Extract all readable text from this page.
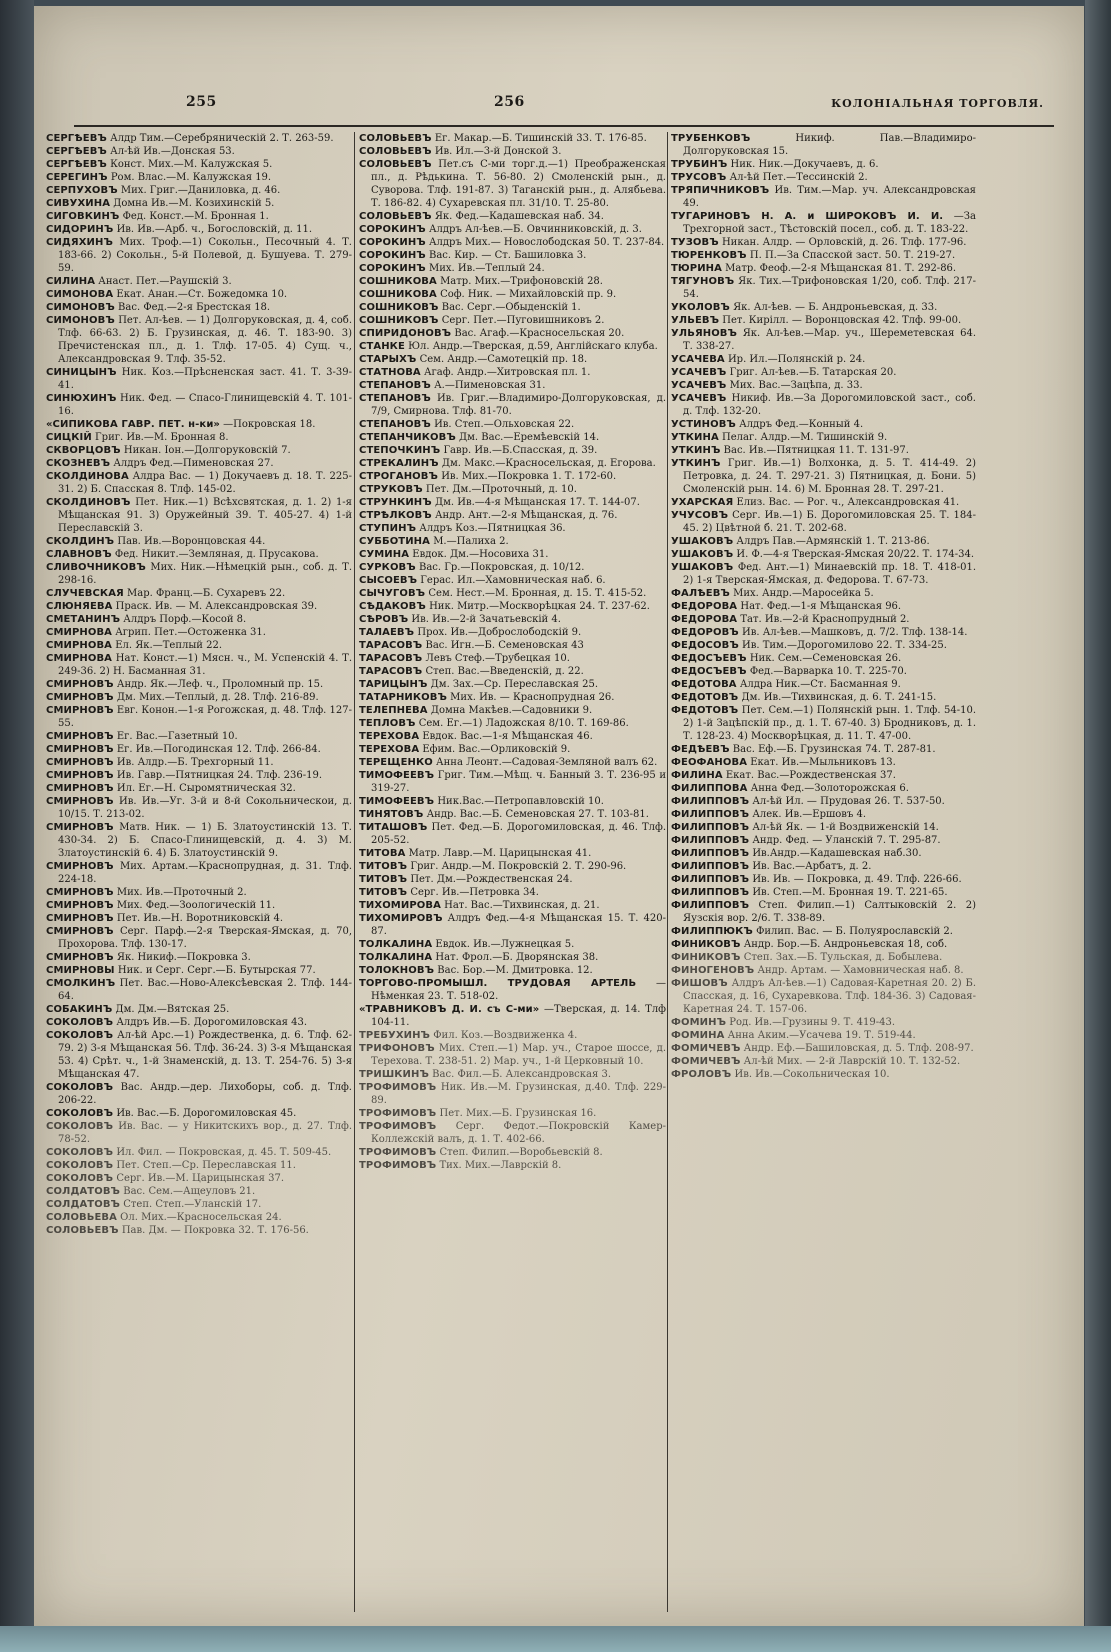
255	256	КОЛОНІАЛЬНАЯ ТОРГОВЛЯ.

СЕРГѢЕВЪ Алдр Тим.—Серебряническій 2. Т. 263-59.

СЕРГѢЕВЪ Ал-ѣй Ив.—Донская 53.

СЕРГѢЕВЪ Конст. Мих.—М. Калужская 5.

СЕРЕГИНЪ Ром. Влас.—М. Калужская 19.

СЕРПУХОВЪ Мих. Григ.—Даниловка, д. 46.

СИВУХИНА Домна Ив.—М. Козихинскій 5.

СИГОВКИНЪ Фед. Конст.—М. Бронная 1.

СИДОРИНЪ Ив. Ив.—Арб. ч., Богословскій, д. 11.

СИДЯХИНЪ Мих. Троф.—1) Сокольн., Песочный 4. Т. 183-66. 2) Сокольн., 5-й Полевой, д. Бушуева. Т. 279-59.

СИЛИНА Анаст. Пет.—Раушскій 3.

СИМОНОВА Екат. Анан.—Ст. Божедомка 10.

СИМОНОВЪ Вас. Фед.—2-я Брестская 18.

СИМОНОВЪ Пет. Ал-ѣев. — 1) Долгоруковская, д. 4, соб. Тлф. 66-63. 2) Б. Грузинская, д. 46. Т. 183-90. 3) Пречистенская пл., д. 1. Тлф. 17-05. 4) Сущ. ч., Александровская 9. Тлф. 35-52.

СИНИЦЫНЪ Ник. Коз.—Прѣсненская заст. 41. Т. 3-39-41.

СИНЮХИНЪ Ник. Фед. — Спасо-Глинищевскій 4. Т. 101-16.

«СИПИКОВА ГАВР. ПЕТ. н-ки» —Покровская 18.

СИЦКІЙ Григ. Ив.—М. Бронная 8.

СКВОРЦОВЪ Никан. Іон.—Долгоруковскій 7.

СКОЗНЕВЪ Алдръ Фед.—Пименовская 27.

СКОЛДИНОВА Алдра Вас. — 1) Докучаевъ д. 18. Т. 225-31. 2) Б. Спасская 8. Тлф. 145-02.

СКОЛДИНОВЪ Пет. Ник.—1) Всѣхсвятская, д. 1. 2) 1-я Мѣщанская 91. 3) Оружейный 39. Т. 405-27. 4) 1-й Переславскій 3.

СКОЛДИНЪ Пав. Ив.—Воронцовская 44.

СЛАВНОВЪ Фед. Никит.—Земляная, д. Прусакова.

СЛИВОЧНИКОВЪ Мих. Ник.—Нѣмецкій рын., соб. д. Т. 298-16.

СЛУЧЕВСКАЯ Мар. Франц.—Б. Сухаревъ 22.

СЛЮНЯЕВА Праск. Ив. — М. Александровская 39.

СМЕТАНИНЪ Алдръ Порф.—Косой 8.

СМИРНОВА Агрип. Пет.—Остоженка 31.

СМИРНОВА Ел. Як.—Теплый 22.

СМИРНОВА Нат. Конст.—1) Мясн. ч., М. Успенскій 4. Т. 249-36. 2) Н. Басманная 31.

СМИРНОВЪ Андр. Як.—Леф. ч., Проломный пр. 15.

СМИРНОВЪ Дм. Мих.—Теплый, д. 28. Тлф. 216-89.

СМИРНОВЪ Евг. Конон.—1-я Рогожская, д. 48. Тлф. 127-55.

СМИРНОВЪ Ег. Вас.—Газетный 10.

СМИРНОВЪ Ег. Ив.—Погодинская 12. Тлф. 266-84.

СМИРНОВЪ Ив. Алдр.—Б. Трехгорный 11.

СМИРНОВЪ Ив. Гавр.—Пятницкая 24. Тлф. 236-19.

СМИРНОВЪ Ил. Ег.—Н. Сыромятническая 32.

СМИРНОВЪ Ив. Ив.—Уг. 3-й и 8-й Сокольническои, д. 10/15. Т. 213-02.

СМИРНОВЪ Матв. Ник. — 1) Б. Златоустинскій 13. Т. 430-34. 2) Б. Спасо-Глинищевскій, д. 4. 3) М. Златоустинскій 6. 4) Б. Златоустинскій 9.

СМИРНОВЪ Мих. Артам.—Краснопрудная, д. 31. Тлф. 224-18.

СМИРНОВЪ Мих. Ив.—Проточный 2.

СМИРНОВЪ Мих. Фед.—Зоологическій 11.

СМИРНОВЪ Пет. Ив.—Н. Воротниковскій 4.

СМИРНОВЪ Серг. Парф.—2-я Тверская-Ямская, д. 70, Прохорова. Тлф. 130-17.

СМИРНОВЪ Як. Никиф.—Покровка 3.

СМИРНОВЫ Ник. и Серг. Серг.—Б. Бутырская 77.

СМОЛКИНЪ Пет. Вас.—Ново-Алексѣевская 2. Тлф. 144-64.

СОБАКИНЪ Дм. Дм.—Вятская 25.

СОКОЛОВЪ Алдръ Ив.—Б. Дорогомиловская 43.

СОКОЛОВЪ Ал-ѣй Арс.—1) Рождественка, д. 6. Тлф. 62-79. 2) 3-я Мѣщанская 56. Тлф. 36-24. 3) 3-я Мѣщанская 53. 4) Срѣт. ч., 1-й Знаменскій, д. 13. Т. 254-76. 5) 3-я Мѣщанская 47.

СОКОЛОВЪ Вас. Андр.—дер. Лихоборы, соб. д. Тлф. 206-22.

СОКОЛОВЪ Ив. Вас.—Б. Дорогомиловская 45.

СОКОЛОВЪ Ив. Вас. — у Никитскихъ вор., д. 27. Тлф. 78-52.

СОКОЛОВЪ Ил. Фил. — Покровская, д. 45. Т. 509-45.

СОКОЛОВЪ Пет. Степ.—Ср. Переславская 11.

СОКОЛОВЪ Серг. Ив.—М. Царицынская 37.

СОЛДАТОВЪ Вас. Сем.—Ащеуловъ 21.

СОЛДАТОВЪ Степ. Степ.—Уланскій 17.

СОЛОВЬЕВА Ол. Мих.—Красносельская 24.

СОЛОВЬЕВЪ Пав. Дм. — Покровка 32. Т. 176-56.

СОЛОВЬЕВЪ Ег. Макар.—Б. Тишинскій 33. Т. 176-85.

СОЛОВЬЕВЪ Ив. Ил.—3-й Донской 3.

СОЛОВЬЕВЪ Пет.съ С-ми торг.д.—1) Преображенская пл., д. Рѣдькина. Т. 56-80. 2) Смоленскій рын., д. Суворова. Тлф. 191-87. 3) Таганскій рын., д. Алябьева. Т. 186-82. 4) Сухаревская пл. 31/10. Т. 25-80.

СОЛОВЬЕВЪ Як. Фед.—Кадашевская наб. 34.

СОРОКИНЪ Алдръ Ал-ѣев.—Б. Овчинниковскій, д. 3.

СОРОКИНЪ Алдръ Мих.— Новослободская 50. Т. 237-84.

СОРОКИНЪ Вас. Кир. — Ст. Башиловка 3.

СОРОКИНЪ Мих. Ив.—Теплый 24.

СОШНИКОВА Матр. Мих.—Трифоновскій 28.

СОШНИКОВА Соф. Ник. — Михайловскій пр. 9.

СОШНИКОВЪ Вас. Серг.—Обыденскій 1.

СОШНИКОВЪ Серг. Пет.—Пуговишниковъ 2.

СПИРИДОНОВЪ Вас. Агаф.—Красносельская 20.

СТАНКЕ Юл. Андр.—Тверская, д.59, Англійскаго клуба.

СТАРЫХЪ Сем. Андр.—Самотецкій пр. 18.

СТАТНОВА Агаф. Андр.—Хитровская пл. 1.

СТЕПАНОВЪ А.—Пименовская 31.

СТЕПАНОВЪ Ив. Григ.—Владимиро-Долгоруковская, д. 7/9, Смирнова. Тлф. 81-70.

СТЕПАНОВЪ Ив. Степ.—Ольховская 22.

СТЕПАНЧИКОВЪ Дм. Вас.—Еремѣевскій 14.

СТЕПОЧКИНЪ Гавр. Ив.—Б.Спасская, д. 39.

СТРЕКАЛИНЪ Дм. Макс.—Красносельская, д. Егорова.

СТРОГАНОВЪ Ив. Мих.—Покровка 1. Т. 172-60.

СТРУКОВЪ Пет. Дм.—Проточный, д. 10.

СТРУНКИНЪ Дм. Ив.—4-я Мѣщанская 17. Т. 144-07.

СТРѢЛКОВЪ Андр. Ант.—2-я Мѣщанская, д. 76.

СТУПИНЪ Алдръ Коз.—Пятницкая 36.

СУББОТИНА М.—Палиха 2.

СУМИНА Евдок. Дм.—Носовиха 31.

СУРКОВЪ Вас. Гр.—Покровская, д. 10/12.

СЫСОЕВЪ Герас. Ил.—Хамовническая наб. 6.

СЫЧУГОВЪ Сем. Нест.—М. Бронная, д. 15. Т. 415-52.

СѢДАКОВЪ Ник. Митр.—Москворѣцкая 24. Т. 237-62.

СѢРОВЪ Ив. Ив.—2-й Зачатьевскій 4.

ТАЛАЕВЪ Прох. Ив.—Доброслободскій 9.

ТАРАСОВЪ Вас. Игн.—Б. Семеновская 43

ТАРАСОВЪ Левъ Стеф.—Трубецкая 10.

ТАРАСОВЪ Степ. Вас.—Введенскій, д. 22.

ТАРИЦЫНЪ Дм. Зах.—Ср. Переславская 25.

ТАТАРНИКОВЪ Мих. Ив. — Краснопрудная 26.

ТЕЛЕПНЕВА Домна Макѣев.—Садовники 9.

ТЕПЛОВЪ Сем. Ег.—1) Ладожская 8/10. Т. 169-86.

ТЕРЕХОВА Евдок. Вас.—1-я Мѣщанская 46.

ТЕРЕХОВА Ефим. Вас.—Орликовскій 9.

ТЕРЕЩЕНКО Анна Леонт.—Садовая-Земляной валъ 62.

ТИМОФЕЕВЪ Григ. Тим.—Мѣщ. ч. Банный 3. Т. 236-95 и 319-27.

ТИМОФЕЕВЪ Ник.Вас.—Петропавловскій 10.

ТИНЯТОВЪ Андр. Вас.—Б. Семеновская 27. Т. 103-81.

ТИТАШОВЪ Пет. Фед.—Б. Дорогомиловская, д. 46. Тлф. 205-52.

ТИТОВА Матр. Лавр.—М. Царицынская 41.

ТИТОВЪ Григ. Андр.—М. Покровскій 2. Т. 290-96.

ТИТОВЪ Пет. Дм.—Рождественская 24.

ТИТОВЪ Серг. Ив.—Петровка 34.

ТИХОМИРОВА Нат. Вас.—Тихвинская, д. 21.

ТИХОМИРОВЪ Алдръ Фед.—4-я Мѣщанская 15. Т. 420-87.

ТОЛКАЛИНА Евдок. Ив.—Лужнецкая 5.

ТОЛКАЛИНА Нат. Фрол.—Б. Дворянская 38.

ТОЛОКНОВЪ Вас. Бор.—М. Дмитровка. 12.

ТОРГОВО-ПРОМЫШЛ. ТРУДОВАЯ АРТЕЛЬ —Нѣменкая 23. Т. 518-02.

«ТРАВНИКОВЪ Д. И. съ С-ми» —Тверская, д. 14. Тлф 104-11.

ТРЕБУХИНЪ Фил. Коз.—Воздвиженка 4.

ТРИФОНОВЪ Мих. Степ.—1) Мар. уч., Старое шоссе, д. Терехова. Т. 238-51. 2) Мар. уч., 1-й Церковный 10.

ТРИШКИНЪ Вас. Фил.—Б. Александровская 3.

ТРОФИМОВЪ Ник. Ив.—М. Грузинская, д.40. Тлф. 229-89.

ТРОФИМОВЪ Пет. Мих.—Б. Грузинская 16.

ТРОФИМОВЪ Серг. Федот.—Покровскій Камер-Коллежскій валъ, д. 1. Т. 402-66.

ТРОФИМОВЪ Степ. Филип.—Воробьевскій 8.

ТРОФИМОВЪ Тих. Мих.—Лаврскій 8.

ТРУБЕНКОВЪ	Никиф. Пав.—Владимиро-Долгоруковская 15.

ТРУБИНЪ Ник. Ник.—Докучаевъ, д. 6.

ТРУСОВЪ Ал-ѣй Пет.—Тессинскій 2.

ТРЯПИЧНИКОВЪ Ив. Тим.—Мар. уч. Александровская 49.

ТУГАРИНОВЪ Н. А. и ШИРОКОВЪ И. И. —За Трехгорной заст., Тѣстовскій посел., соб. д. Т. 183-22.

ТУЗОВЪ Никан. Алдр. — Орловскій, д. 26. Тлф. 177-96.

ТЮРЕНКОВЪ П. П.—За Спасской заст. 50. Т. 219-27.

ТЮРИНА Матр. Феоф.—2-я Мѣщанская 81. Т. 292-86.

ТЯГУНОВЪ Як. Тих.—Трифоновская 1/20, соб. Тлф. 217-54.

УКОЛОВЪ Як. Ал-ѣев. — Б. Андроньевская, д. 33.

УЛЬЕВЪ Пет. Кирілл. — Воронцовская 42. Тлф. 99-00.

УЛЬЯНОВЪ Як. Ал-ѣев.—Мар. уч., Шереметевская 64. Т. 338-27.

УСАЧЕВА Ир. Ил.—Полянскій р. 24.

УСАЧЕВЪ Григ. Ал-ѣев.—Б. Татарская 20.

УСАЧЕВЪ Мих. Вас.—Зацѣпа, д. 33.

УСАЧЕВЪ Никиф. Ив.—За Дорогомиловской заст., соб. д. Тлф. 132-20.

УСТИНОВЪ Алдръ Фед.—Конный 4.

УТКИНА Пелаг. Алдр.—М. Тишинскій 9.

УТКИНЪ Вас. Ив.—Пятницкая 11. Т. 131-97.

УТКИНЪ Григ. Ив.—1) Волхонка, д. 5. Т. 414-49. 2) Петровка, д. 24. Т. 297-21. 3) Пятницкая, д. Бони. 5) Смоленскій рын. 14. 6) М. Бронная 28. Т. 297-21.

УХАРСКАЯ Елиз. Вас. — Рог. ч., Александровская 41.

УЧУСОВЪ Серг. Ив.—1) Б. Дорогомиловская 25. Т. 184-45. 2) Цвѣтной б. 21. Т. 202-68.

УШАКОВЪ Алдръ Пав.—Армянскій 1. Т. 213-86.

УШАКОВЪ И. Ф.—4-я Тверская-Ямская 20/22. Т. 174-34.

УШАКОВЪ Фед. Ант.—1) Минаевскій пр. 18. Т. 418-01. 2) 1-я Тверская-Ямская, д. Федорова. Т. 67-73.

ФАЛѢЕВЪ Мих. Андр.—Маросейка 5.

ФЕДОРОВА Нат. Фед.—1-я Мѣщанская 96.

ФЕДОРОВА Тат. Ив.—2-й Краснопрудный 2.

ФЕДОРОВЪ Ив. Ал-ѣев.—Машковъ, д. 7/2. Тлф. 138-14.

ФЕДОСОВЪ Ив. Тим.—Дорогомилово 22. Т. 334-25.

ФЕДОСЪЕВЪ Ник. Сем.—Семеновская 26.

ФЕДОСЪЕВЪ Фед.—Варварка 10. Т. 225-70.

ФЕДОТОВА Алдра Ник.—Ст. Басманная 9.

ФЕДОТОВЪ Дм. Ив.—Тихвинская, д. 6. Т. 241-15.

ФЕДОТОВЪ Пет. Сем.—1) Полянскій рын. 1. Тлф. 54-10. 2) 1-й Зацѣпскій пр., д. 1. Т. 67-40. 3) Бродниковъ, д. 1. Т. 128-23. 4) Москворѣцкая, д. 11. Т. 47-00.

ФЕДѢЕВЪ Вас. Еф.—Б. Грузинская 74. Т. 287-81.

ФЕОФАНОВА Екат. Ив.—Мыльниковъ 13.

ФИЛИНА Екат. Вас.—Рождественская 37.

ФИЛИППОВА Анна Фед.—Золоторожская 6.

ФИЛИППОВЪ Ал-ѣй Ил. — Прудовая 26. Т. 537-50.

ФИЛИППОВЪ Алек. Ив.—Ершовъ 4.

ФИЛИППОВЪ Ал-ѣй Як. — 1-й Воздвиженскій 14.

ФИЛИППОВЪ Андр. Фед. — Уланскій 7. Т. 295-87.

ФИЛИППОВЪ Ив.Андр.—Кадашевская наб.30.

ФИЛИППОВЪ Ив. Вас.—Арбатъ, д. 2.

ФИЛИППОВЪ Ив. Ив. — Покровка, д. 49. Тлф. 226-66.

ФИЛИППОВЪ Ив. Степ.—М. Бронная 19. Т. 221-65.

ФИЛИППОВЪ Степ. Филип.—1) Салтыковскій 2. 2) Яузскія вор. 2/6. Т. 338-89.

ФИЛИППЮКЪ Филип. Вас. — Б. Полуярославскій 2.

ФИНИКОВЪ Андр. Бор.—Б. Андроньевская 18, соб.

ФИНИКОВЪ Степ. Зах.—Б. Тульская, д. Бобылева.

ФИНОГЕНОВЪ Андр. Артам. — Хамовническая наб. 8.

ФИШОВЪ Алдръ Ал-ѣев.—1) Садовая-Каретная 20. 2) Б. Спасская, д. 16, Сухаревкова. Тлф. 184-36. 3) Садовая-Каретная 24. Т. 157-06.

ФОМИНЪ Род. Ив.—Грузины 9. Т. 419-43.

ФОМИНА Анна Аким.—Усачева 19. Т. 519-44.

ФОМИЧЕВЪ Андр. Еф.—Башиловская, д. 5. Тлф. 208-97.

ФОМИЧЕВЪ Ал-ѣй Мих. — 2-й Лаврскій 10. Т. 132-52.

ФРОЛОВЪ Ив. Ив.—Сокольническая 10.
